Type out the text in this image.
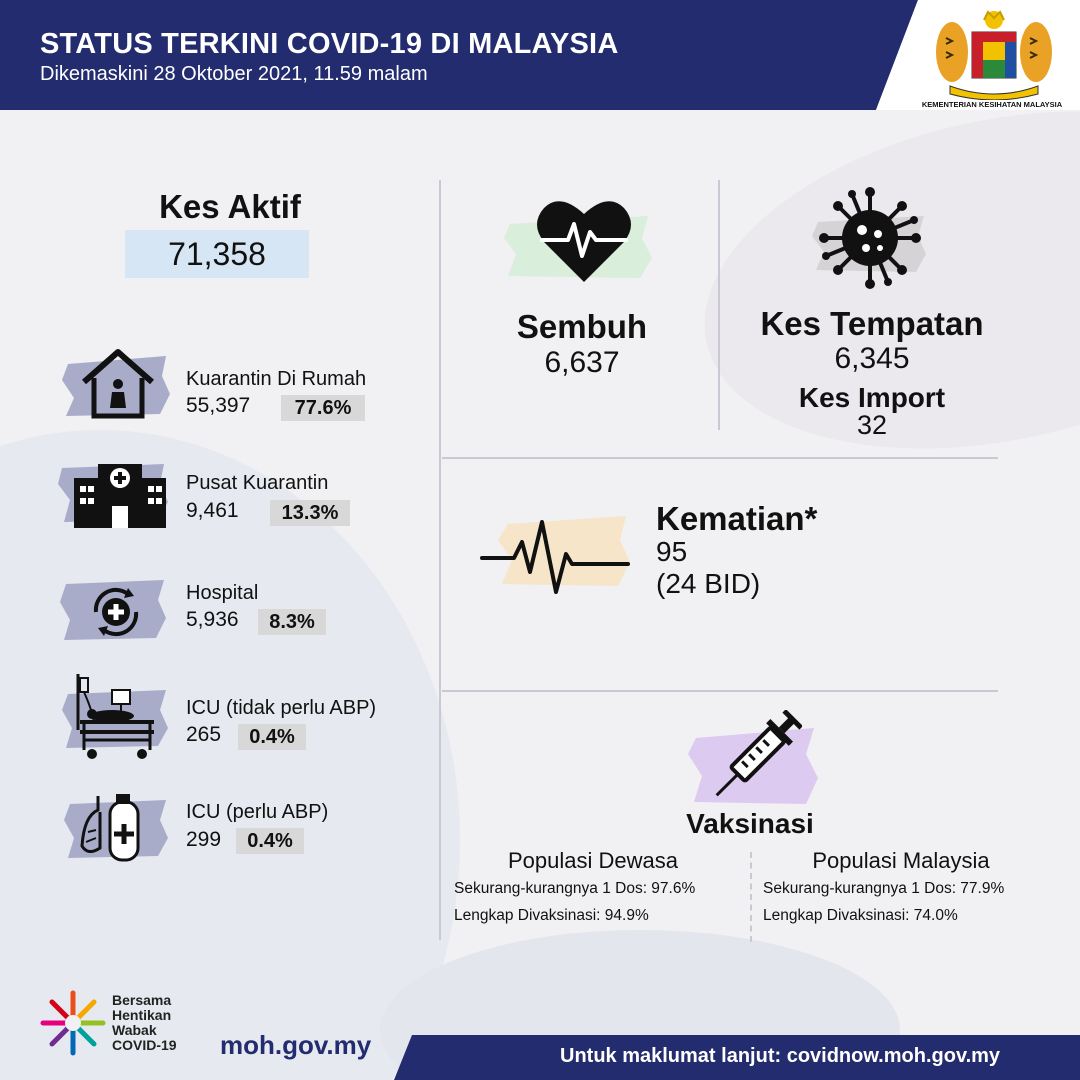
STATUS TERKINI COVID-19 DI MALAYSIA
Dikemaskini 28 Oktober 2021, 11.59 malam
KEMENTERIAN KESIHATAN MALAYSIA
Kes Aktif
71,358
Kuarantin Di Rumah
55,397	77.6%
Pusat Kuarantin
9,461	13.3%
Hospital
5,936	8.3%
ICU (tidak perlu ABP)
265	0.4%
ICU (perlu ABP)
299	0.4%
Sembuh
6,637
Kes Tempatan
6,345
Kes Import
32
Kematian*
95
(24 BID)
Vaksinasi
Populasi Dewasa
Sekurang-kurangnya 1 Dos: 97.6%
Lengkap Divaksinasi: 94.9%
Populasi Malaysia
Sekurang-kurangnya 1 Dos: 77.9%
Lengkap Divaksinasi: 74.0%
Bersama
Hentikan
Wabak
COVID-19 moh.gov.my	Untuk maklumat lanjut: covidnow.moh.gov.my
